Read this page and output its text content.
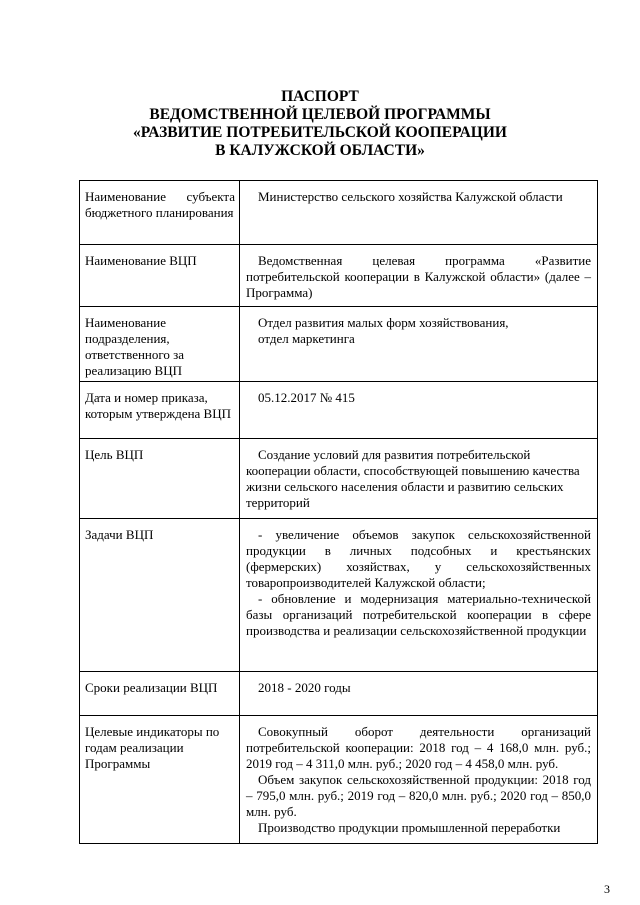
ПАСПОРТ
ВЕДОМСТВЕННОЙ ЦЕЛЕВОЙ ПРОГРАММЫ
«РАЗВИТИЕ ПОТРЕБИТЕЛЬСКОЙ КООПЕРАЦИИ
В КАЛУЖСКОЙ ОБЛАСТИ»
Наименование субъекта бюджетного планирования	Министерство сельского хозяйства Калужской области
Наименование ВЦП	Ведомственная целевая программа «Развитие потребительской кооперации в Калужской области» (далее – Программа)
Наименование подразделения, ответственного за реализацию ВЦП	Отдел развития малых форм хозяйствования,

отдел маркетинга

Дата и номер приказа, которым утверждена ВЦП	05.12.2017 № 415
Цель ВЦП	Создание условий для развития потребительской кооперации области, способствующей повышению качества жизни сельского населения области и развитию сельских территорий
Задачи ВЦП	- увеличение объемов закупок сельскохозяйственной продукции в личных подсобных и крестьянских (фермерских) хозяйствах, у сельскохозяйственных товаропроизводителей Калужской области;

- обновление и модернизация материально-технической базы организаций потребительской кооперации в сфере производства и реализации сельскохозяйственной продукции

Сроки реализации ВЦП	2018 - 2020 годы
Целевые индикаторы по годам реализации Программы	Совокупный оборот деятельности организаций потребительской кооперации: 2018 год – 4 168,0 млн. руб.; 2019 год – 4 311,0 млн. руб.; 2020 год – 4 458,0 млн. руб.

Объем закупок сельскохозяйственной продукции: 2018 год – 795,0 млн. руб.; 2019 год – 820,0 млн. руб.; 2020 год – 850,0 млн. руб.

Производство продукции промышленной переработки

3
